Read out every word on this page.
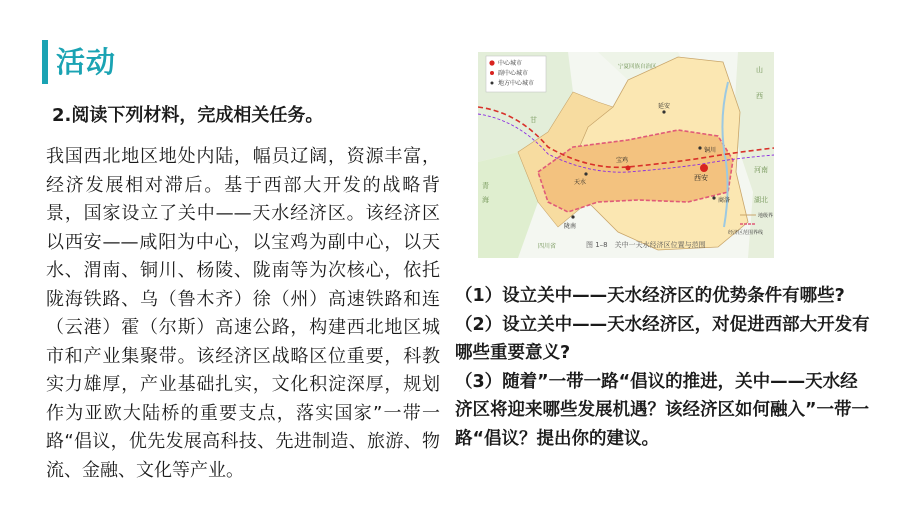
活动
2.阅读下列材料，完成相关任务。
我国西北地区地处内陆，幅员辽阔，资源丰富，经济发展相对滞后。基于西部大开发的战略背景，国家设立了关中——天水经济区。该经济区以西安——咸阳为中心，以宝鸡为副中心，以天水、渭南、铜川、杨陵、陇南等为次核心，依托陇海铁路、乌（鲁木齐）徐（州）高速铁路和连（云港）霍（尔斯）高速公路，构建西北地区城市和产业集聚带。该经济区战略区位重要，科教实力雄厚，产业基础扎实，文化积淀深厚，规划作为亚欧大陆桥的重要支点，落实国家”一带一路“倡议，优先发展高科技、先进制造、旅游、物流、金融、文化等产业。
中心城市
副中心城市
地方中心城市
地级界
经济区范围界线
西安
宝鸡
天水
延安
铜川
陇南
商洛
宁夏回族自治区
甘
青
海
四川省
山
西
河南
湖北
图 1–8　关中一天水经济区位置与范围

（1）设立关中——天水经济区的优势条件有哪些?

（2）设立关中——天水经济区，对促进西部大开发有哪些重要意义?

（3）随着”一带一路“倡议的推进，关中——天水经济区将迎来哪些发展机遇？该经济区如何融入”一带一路“倡议？提出你的建议。
